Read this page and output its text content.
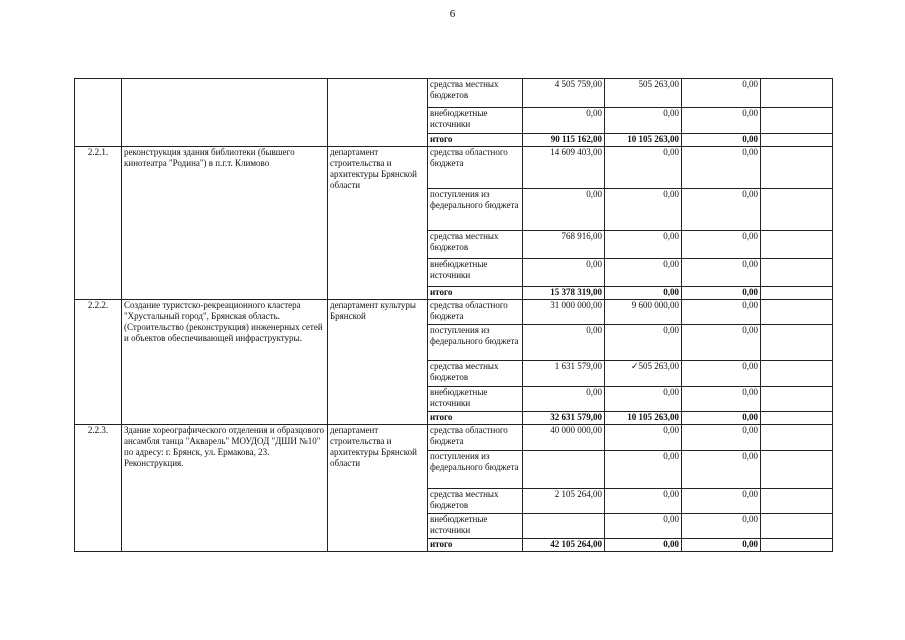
6
			средства местных бюджетов	4 505 759,00	505 263,00	0,00	
			внебюджетные источники	0,00	0,00	0,00	
			итого	90 115 162,00	10 105 263,00	0,00	
2.2.1.	реконструкция здания библиотеки (бывшего кинотеатра "Родина") в п.г.т. Климово	департамент строительства и архитектуры Брянской области	средства областного бюджета	14 609 403,00	0,00	0,00	
			поступления из федерального бюджета	0,00	0,00	0,00	
			средства местных бюджетов	768 916,00	0,00	0,00	
			внебюджетные источники	0,00	0,00	0,00	
			итого	15 378 319,00	0,00	0,00	
2.2.2.	Создание туристско-рекреационного кластера "Хрустальный город", Брянская область. (Строительство (реконструкция) инженерных сетей и объектов обеспечивающей инфраструктуры.	департамент культуры Брянской	средства областного бюджета	31 000 000,00	9 600 000,00	0,00	
			поступления из федерального бюджета	0,00	0,00	0,00	
			средства местных бюджетов	1 631 579,00	✓505 263,00	0,00	
			внебюджетные источники	0,00	0,00	0,00	
			итого	32 631 579,00	10 105 263,00	0,00	
2.2.3.	Здание хореографического отделения и образцового ансамбля танца "Акварель" МОУДОД "ДШИ №10" по адресу: г. Брянск, ул. Ермакова, 23. Реконструкция.	департамент строительства и архитектуры Брянской области	средства областного бюджета	40 000 000,00	0,00	0,00	
			поступления из федерального бюджета		0,00	0,00	
			средства местных бюджетов	2 105 264,00	0,00	0,00	
			внебюджетные источники		0,00	0,00	
			итого	42 105 264,00	0,00	0,00	
